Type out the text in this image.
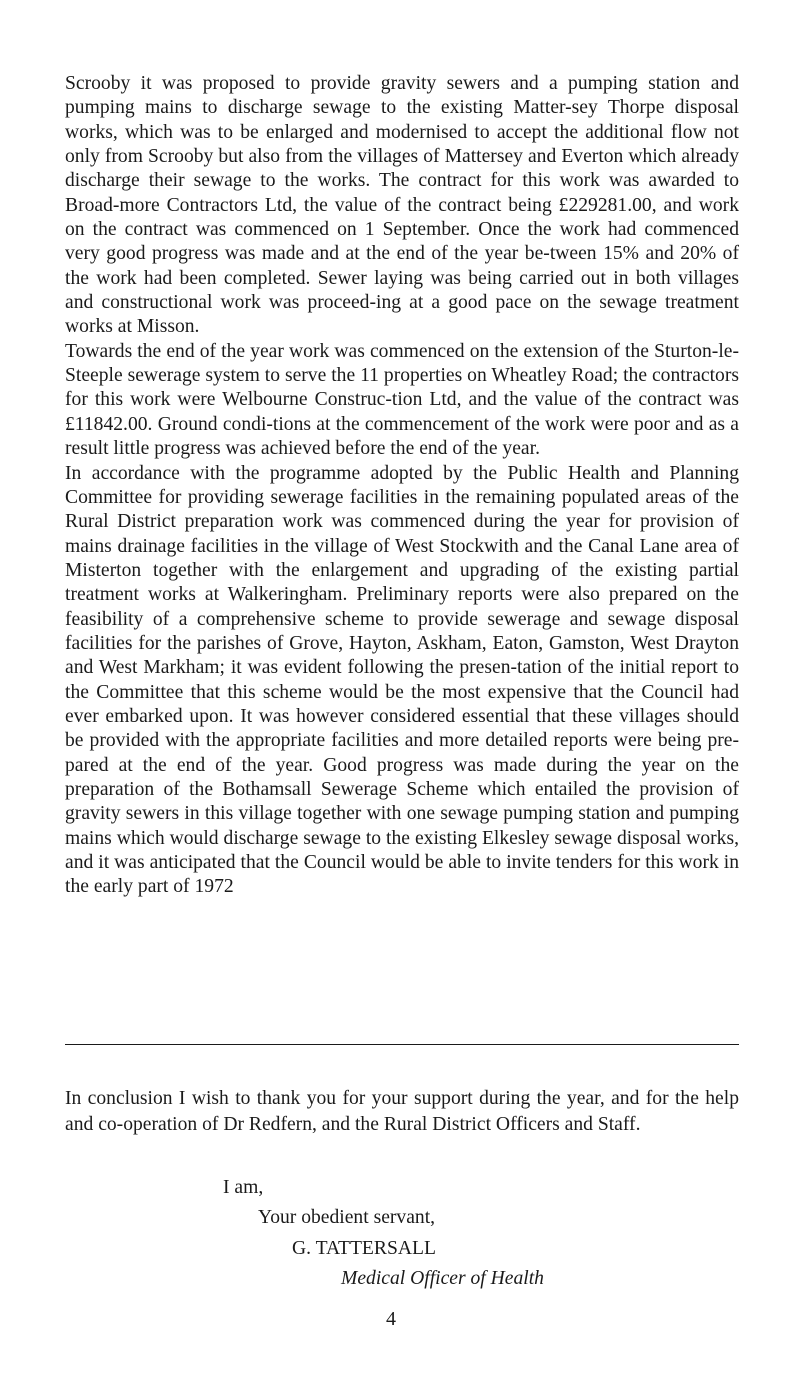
Scrooby it was proposed to provide gravity sewers and a pumping station and pumping mains to discharge sewage to the existing Matter-sey Thorpe disposal works, which was to be enlarged and modernised to accept the additional flow not only from Scrooby but also from the villages of Mattersey and Everton which already discharge their sewage to the works. The contract for this work was awarded to Broad-more Contractors Ltd, the value of the contract being £229281.00, and work on the contract was commenced on 1 September. Once the work had commenced very good progress was made and at the end of the year be-tween 15% and 20% of the work had been completed. Sewer laying was being carried out in both villages and constructional work was proceed-ing at a good pace on the sewage treatment works at Misson.

Towards the end of the year work was commenced on the extension of the Sturton-le-Steeple sewerage system to serve the 11 properties on Wheatley Road; the contractors for this work were Welbourne Construc-tion Ltd, and the value of the contract was £11842.00. Ground condi-tions at the commencement of the work were poor and as a result little progress was achieved before the end of the year.

In accordance with the programme adopted by the Public Health and Planning Committee for providing sewerage facilities in the remaining populated areas of the Rural District preparation work was commenced during the year for provision of mains drainage facilities in the village of West Stockwith and the Canal Lane area of Misterton together with the enlargement and upgrading of the existing partial treatment works at Walkeringham. Preliminary reports were also prepared on the feasibility of a comprehensive scheme to provide sewerage and sewage disposal facilities for the parishes of Grove, Hayton, Askham, Eaton, Gamston, West Drayton and West Markham; it was evident following the presen-tation of the initial report to the Committee that this scheme would be the most expensive that the Council had ever embarked upon. It was however considered essential that these villages should be provided with the appropriate facilities and more detailed reports were being pre-pared at the end of the year. Good progress was made during the year on the preparation of the Bothamsall Sewerage Scheme which entailed the provision of gravity sewers in this village together with one sewage pumping station and pumping mains which would discharge sewage to the existing Elkesley sewage disposal works, and it was anticipated that the Council would be able to invite tenders for this work in the early part of 1972

In conclusion I wish to thank you for your support during the year, and for the help and co-operation of Dr Redfern, and the Rural District Officers and Staff.

I am,

Your obedient servant,

G. TATTERSALL

Medical Officer of Health

4
